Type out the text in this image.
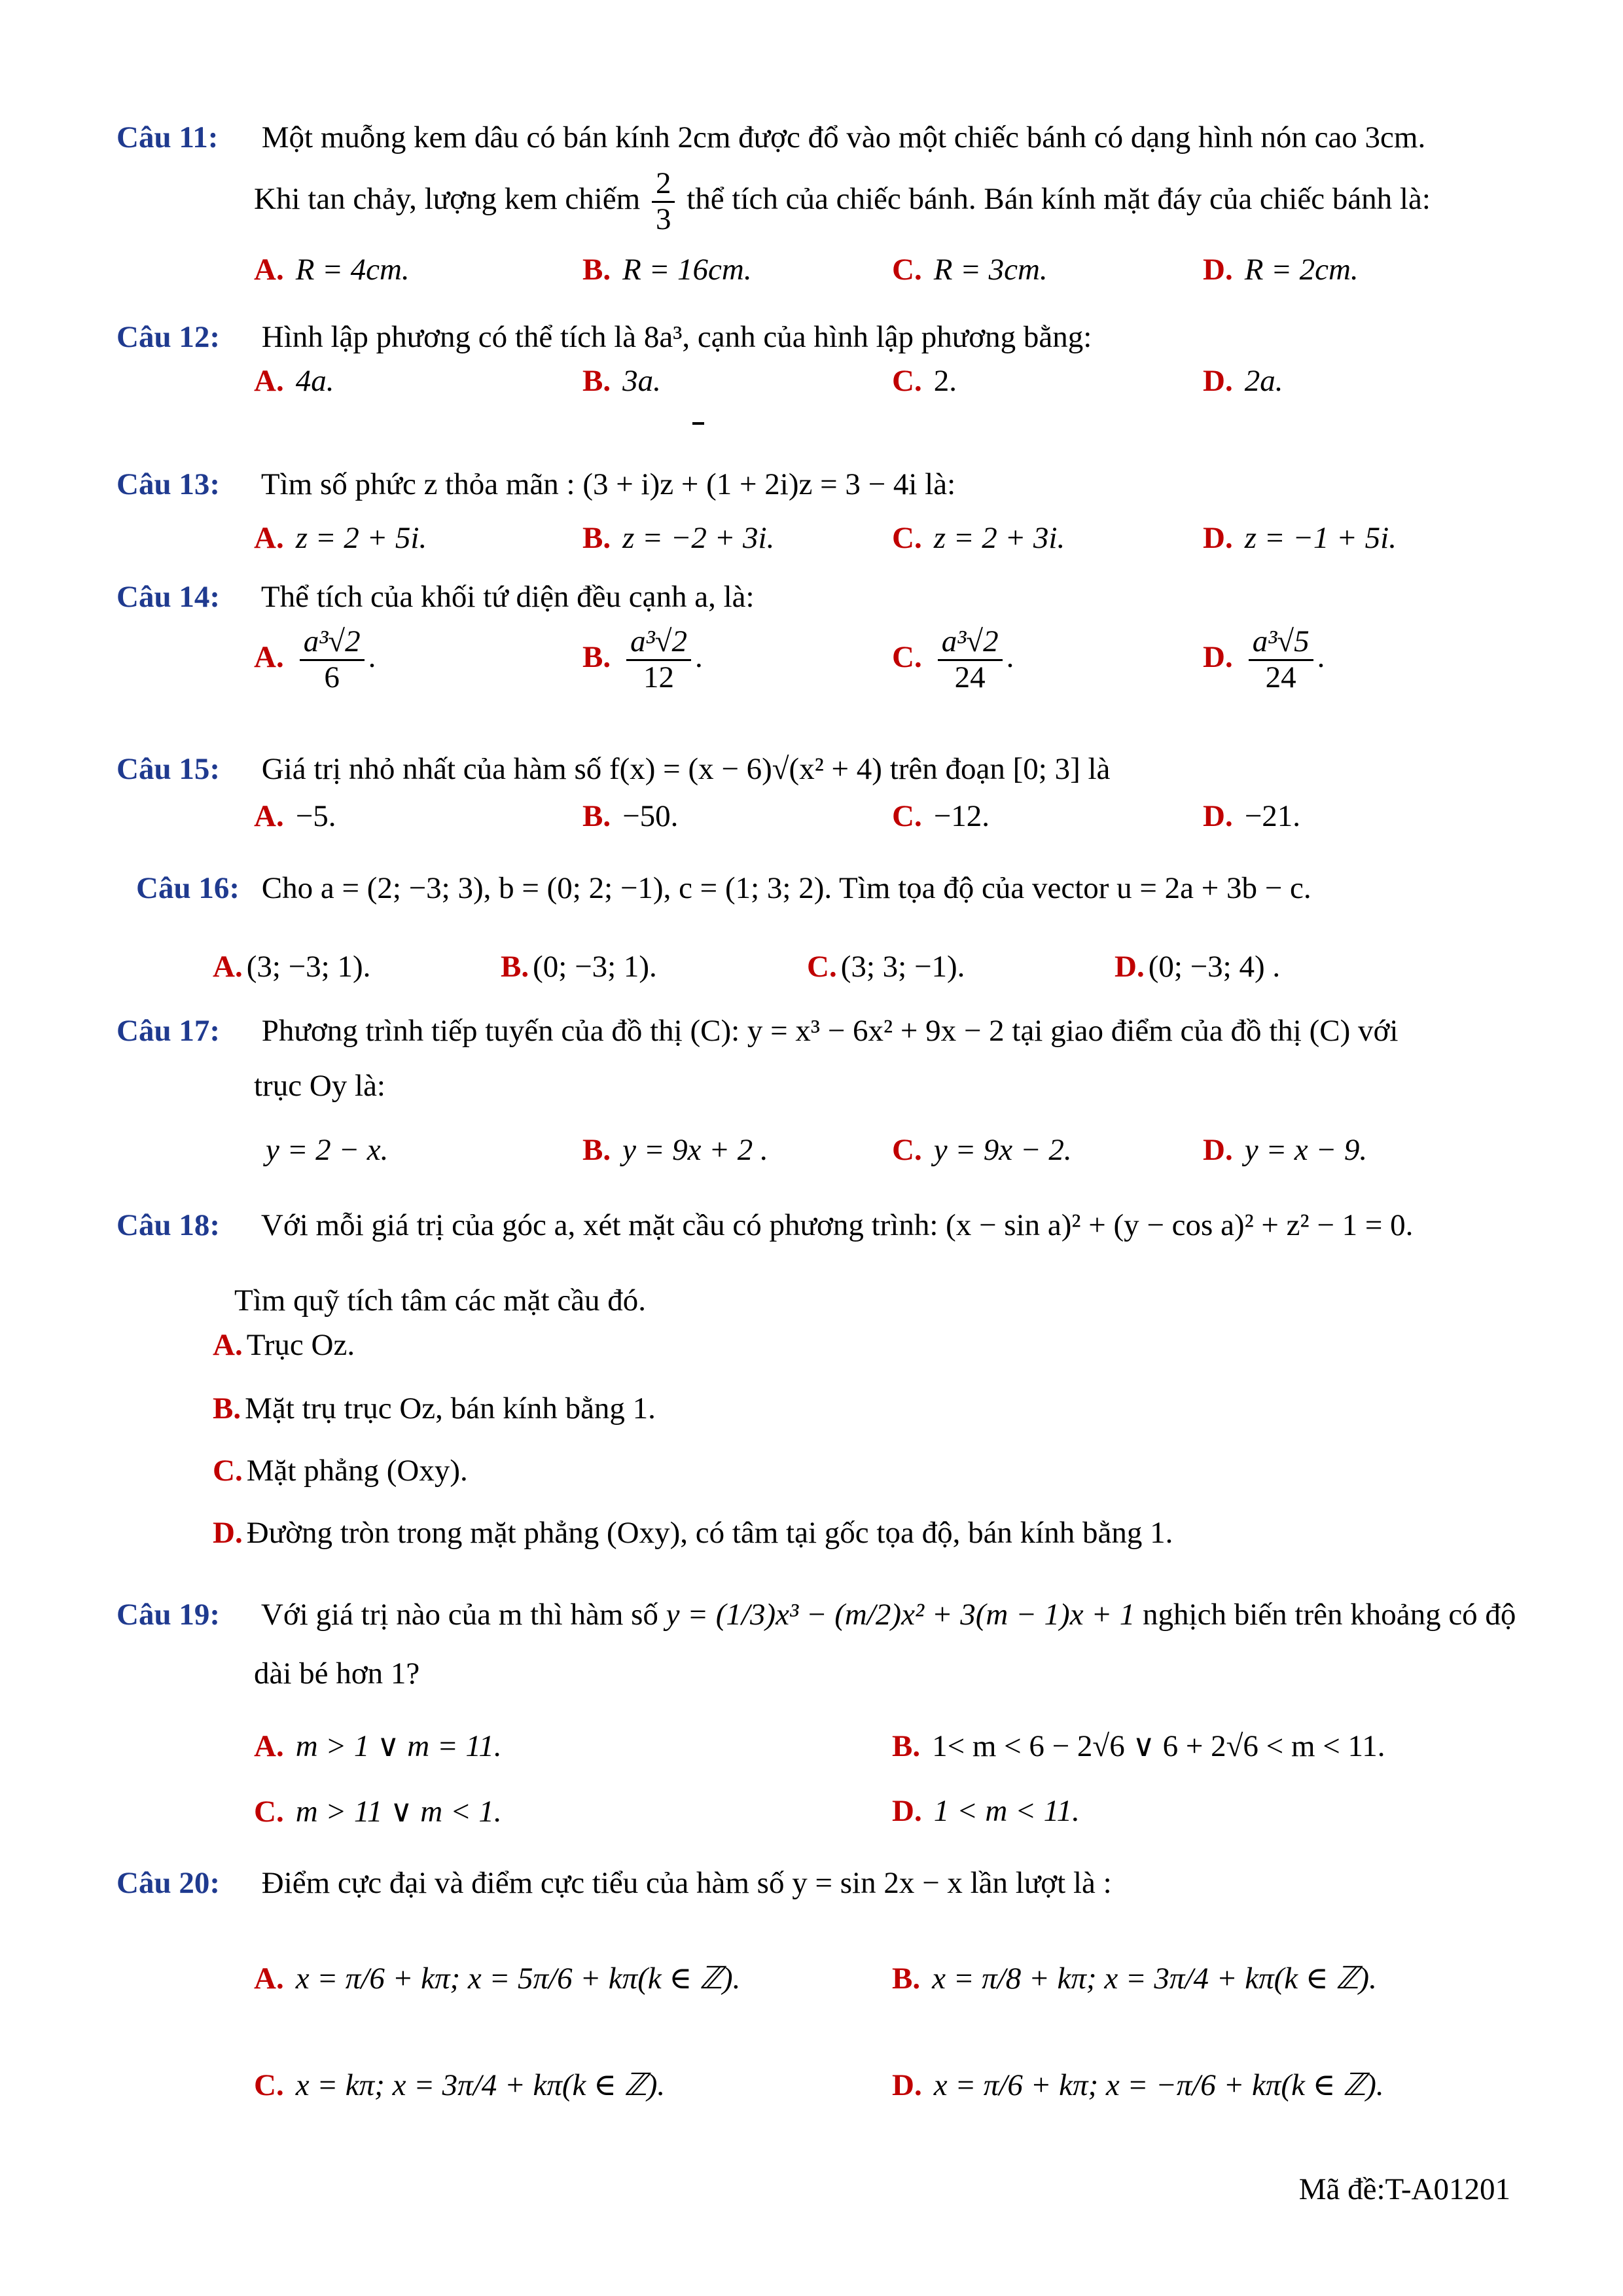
Câu 11: Một muỗng kem dâu có bán kính 2cm được đổ vào một chiếc bánh có dạng hình nón cao 3cm.
Khi tan chảy, lượng kem chiếm $\frac{2}{3}$ thể tích của chiếc bánh. Bán kính mặt đáy của chiếc bánh là:
A. R = 4cm.	B. R = 16cm.	C. R = 3cm.	D. R = 2cm.
Câu 12: Hình lập phương có thể tích là 8a³, cạnh của hình lập phương bằng:
A. 4a.	B. 3a.	C. 2.	D. 2a.
Câu 13: Tìm số phức z thỏa mãn : (3 + i)z + (1 + 2i)z = 3 − 4i là:
A. z = 2 + 5i.	B. z = −2 + 3i.	C. z = 2 + 3i.	D. z = −1 + 5i.
Câu 14: Thể tích của khối tứ diện đều cạnh a, là:
A. $\frac{\text{a³√2}}{6}$ .	B. $\frac{\text{a³√2}}{12}$ .	C. $\frac{\text{a³√2}}{24}$ .	D. $\frac{\text{a³√5}}{24}$ .
Câu 15: Giá trị nhỏ nhất của hàm số f(x) = (x − 6)√(x² + 4) trên đoạn [0; 3] là
A. −5.	B. −50.	C. −12.	D. −21.
Câu 16: Cho a = (2; −3; 3), b = (0; 2; −1), c = (1; 3; 2). Tìm tọa độ của vector u = 2a + 3b − c.
A. (3; −3; 1).	B. (0; −3; 1).	C. (3; 3; −1).	D. (0; −3; 4) .
Câu 17: Phương trình tiếp tuyến của đồ thị (C): y = x³ − 6x² + 9x − 2 tại giao điểm của đồ thị (C) với
trục Oy là:
y = 2 − x.	B. y = 9x + 2 .	C. y = 9x − 2.	D. y = x − 9.
Câu 18: Với mỗi giá trị của góc a, xét mặt cầu có phương trình: (x − sin a)² + (y − cos a)² + z² − 1 = 0.
Tìm quỹ tích tâm các mặt cầu đó.
A. Trục Oz.
B. Mặt trụ trục Oz, bán kính bằng 1.
C. Mặt phẳng (Oxy).
D. Đường tròn trong mặt phẳng (Oxy), có tâm tại gốc tọa độ, bán kính bằng 1.
Câu 19: Với giá trị nào của m thì hàm số y = (1/3)x³ − (m/2)x² + 3(m − 1)x + 1 nghịch biến trên khoảng có độ
dài bé hơn 1?
A. m > 1 ∨ m = 11.	B. 1< m < 6 − 2√6 ∨ 6 + 2√6 < m < 11.
C. m > 11 ∨ m < 1.	D. 1 < m < 11.
Câu 20: Điểm cực đại và điểm cực tiểu của hàm số y = sin 2x − x lần lượt là :
A. x = π/6 + kπ; x = 5π/6 + kπ(k ∈ ℤ).	B. x = π/8 + kπ; x = 3π/4 + kπ(k ∈ ℤ).
C. x = kπ; x = 3π/4 + kπ(k ∈ ℤ).	D. x = π/6 + kπ; x = −π/6 + kπ(k ∈ ℤ).
Mã đề:T-A01201
